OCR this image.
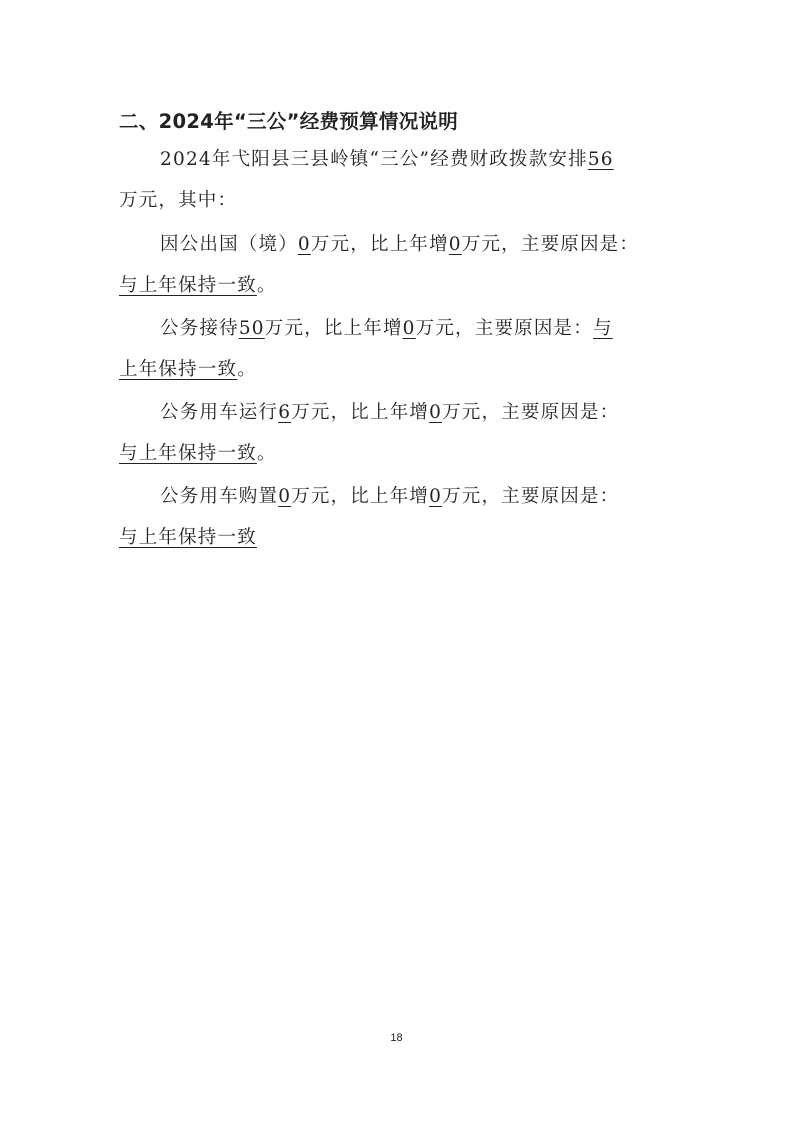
二、2024年“三公”经费预算情况说明
2024年弋阳县三县岭镇“三公”经费财政拨款安排56
万元，其中：
因公出国（境）0万元，比上年增0万元，主要原因是：
与上年保持一致。
公务接待50万元，比上年增0万元，主要原因是：与
上年保持一致。
公务用车运行6万元，比上年增0万元，主要原因是：
与上年保持一致。
公务用车购置0万元，比上年增0万元，主要原因是：
与上年保持一致
18
